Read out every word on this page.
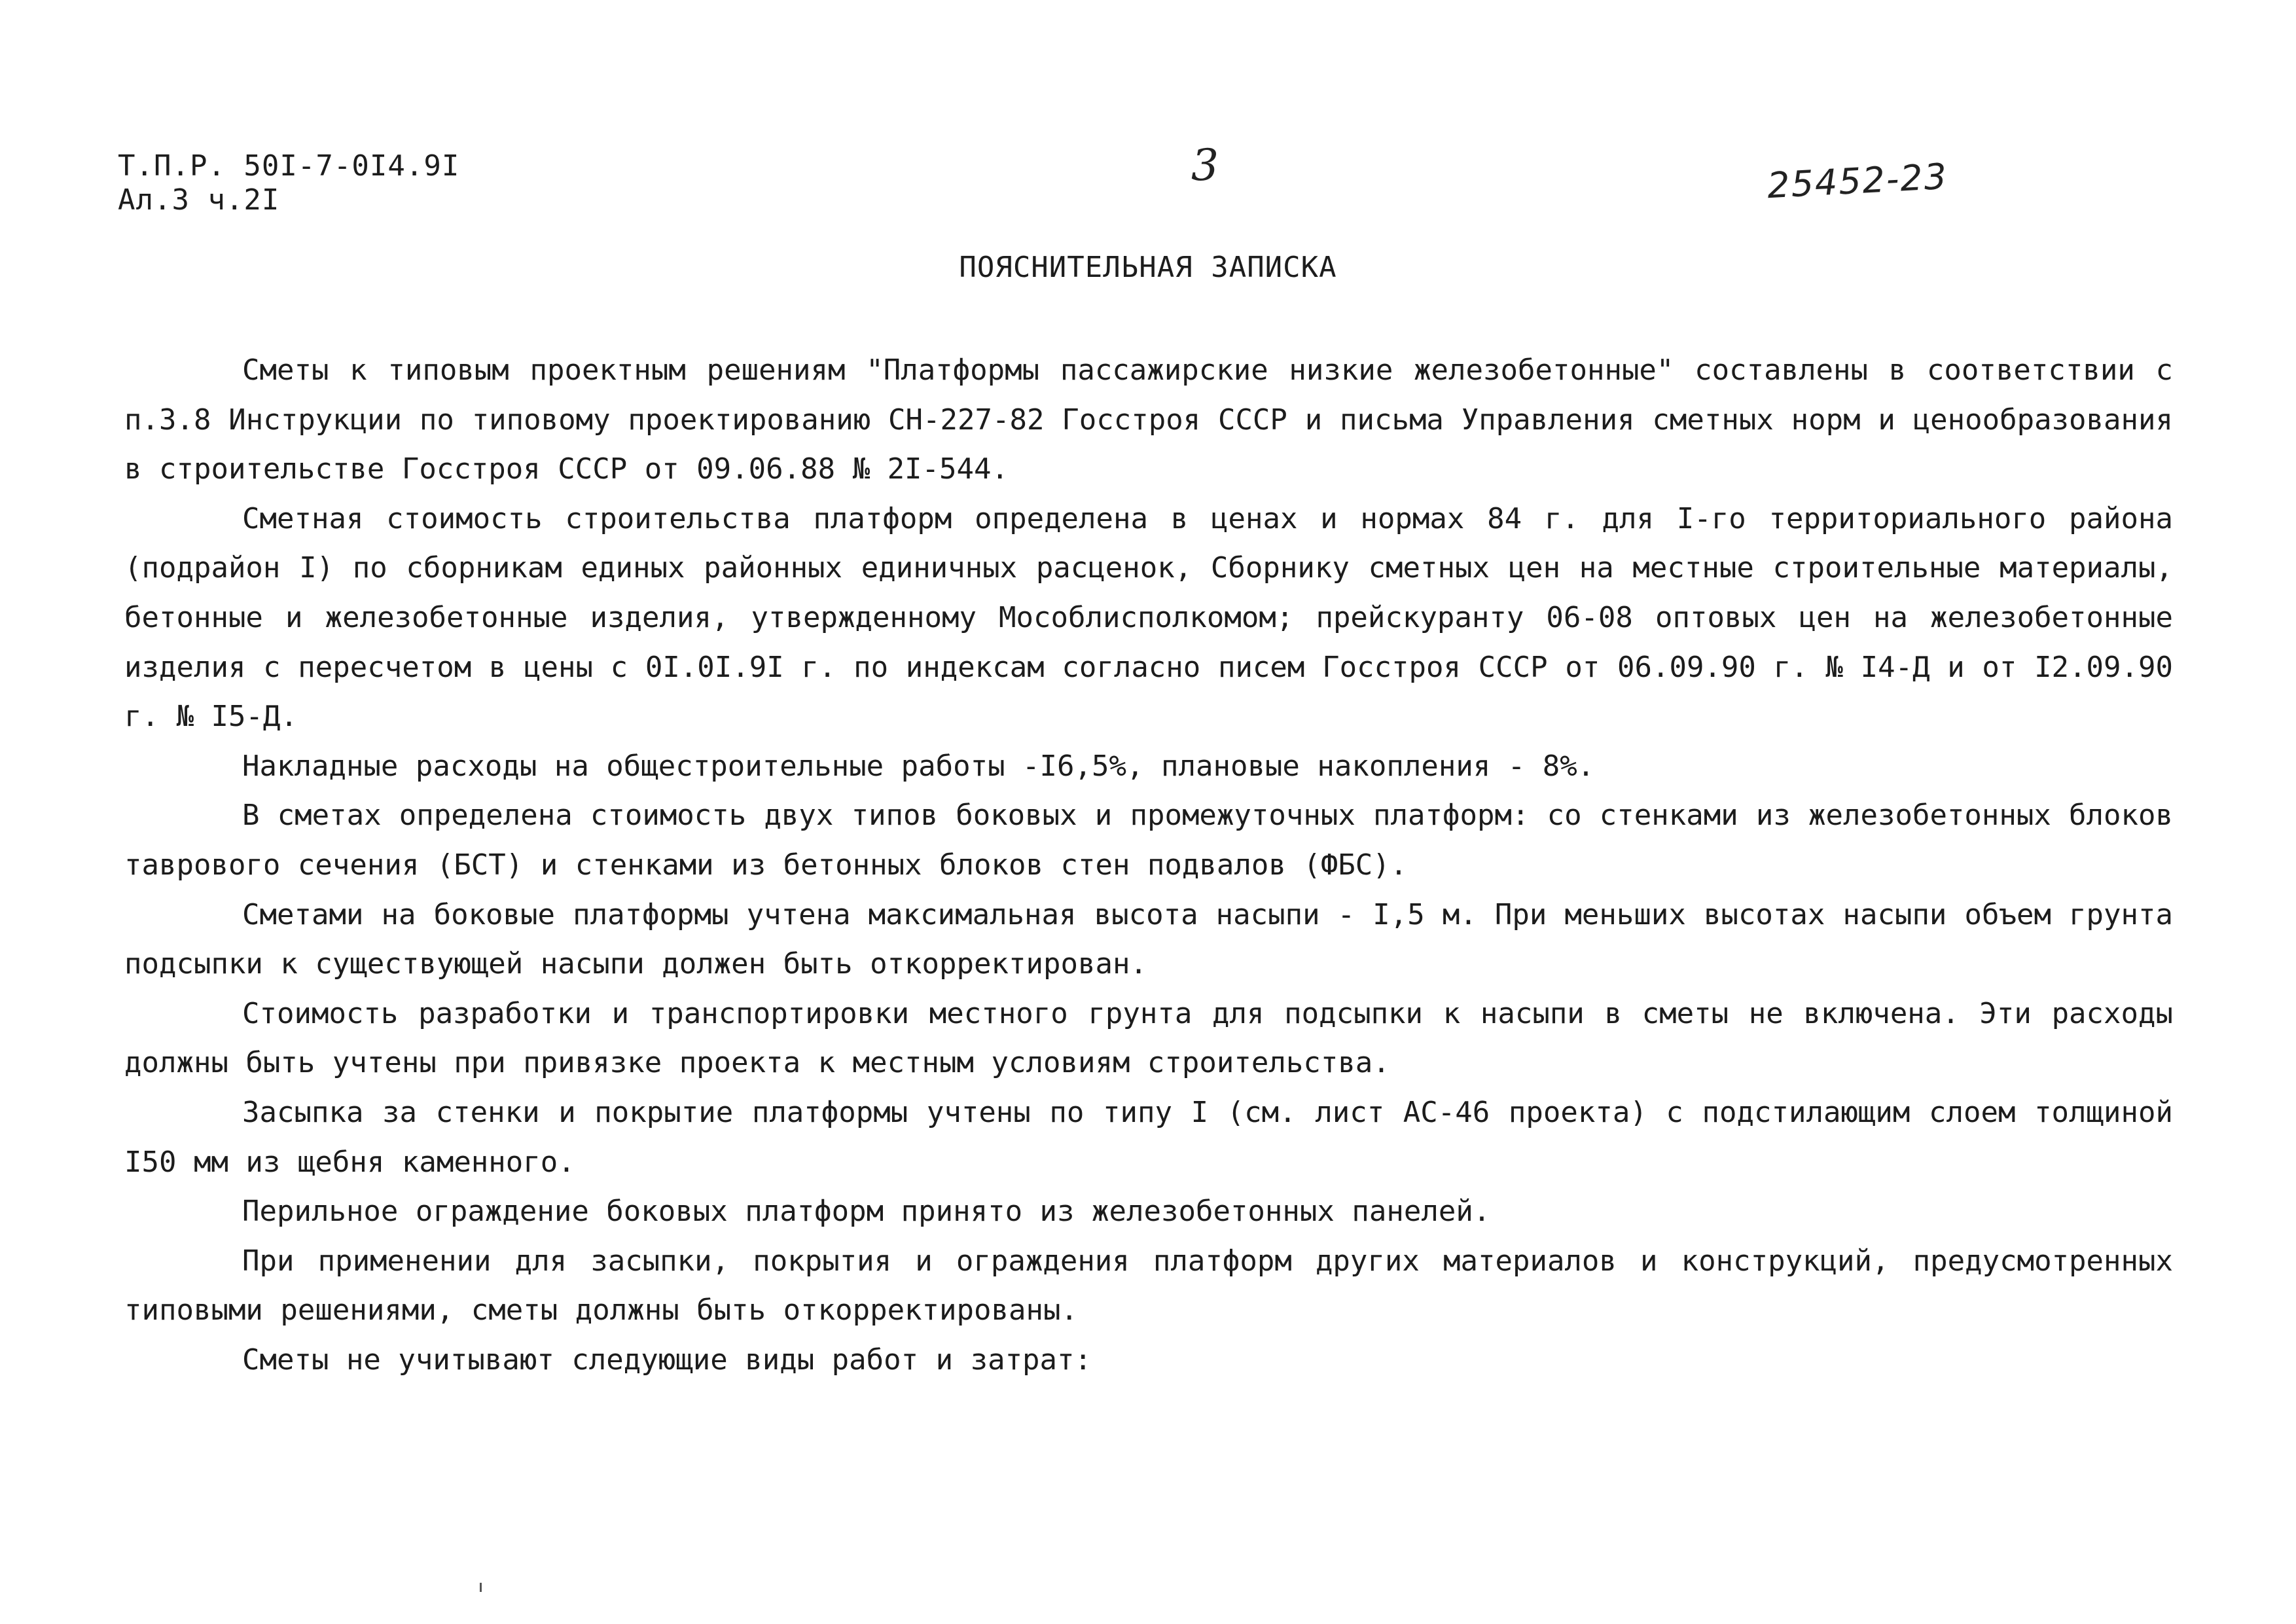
Т.П.Р. 50I-7-0I4.9I
Ал.3 ч.2I
3	25452-23
ПОЯСНИТЕЛЬНАЯ ЗАПИСКА

Сметы к типовым проектным решениям "Платформы пассажирские низкие железобетонные" составлены в соответствии с п.3.8 Инструкции по типовому проектированию СН-227-82 Госстроя СССР и письма Управления сметных норм и ценообразования в строительстве Госстроя СССР от 09.06.88 № 2I-544.

Сметная стоимость строительства платформ определена в ценах и нормах 84 г. для I-го территориального района (подрайон I) по сборникам единых районных единичных расценок, Сборнику сметных цен на местные строительные материалы, бетонные и железобетонные изделия, утвержденному Мособлисполкомом; прейскуранту 06-08 оптовых цен на железобетонные изделия с пересчетом в цены с 0I.0I.9I г. по индексам согласно писем Госстроя СССР от 06.09.90 г. № I4-Д и от I2.09.90 г. № I5-Д.

Накладные расходы на общестроительные работы -I6,5%, плановые накопления - 8%.

В сметах определена стоимость двух типов боковых и промежуточных платформ: со стенками из железобетонных блоков таврового сечения (БСТ) и стенками из бетонных блоков стен подвалов (ФБС).

Сметами на боковые платформы учтена максимальная высота насыпи - I,5 м. При меньших высотах насыпи объем грунта подсыпки к существующей насыпи должен быть откорректирован.

Стоимость разработки и транспортировки местного грунта для подсыпки к насыпи в сметы не включена. Эти расходы должны быть учтены при привязке проекта к местным условиям строительства.

Засыпка за стенки и покрытие платформы учтены по типу I (см. лист АС-46 проекта) с подстилающим слоем толщиной I50 мм из щебня каменного.

Перильное ограждение боковых платформ принято из железобетонных панелей.

При применении для засыпки, покрытия и ограждения платформ других материалов и конструкций, предусмотренных типовыми решениями, сметы должны быть откорректированы.

Сметы не учитывают следующие виды работ и затрат:
